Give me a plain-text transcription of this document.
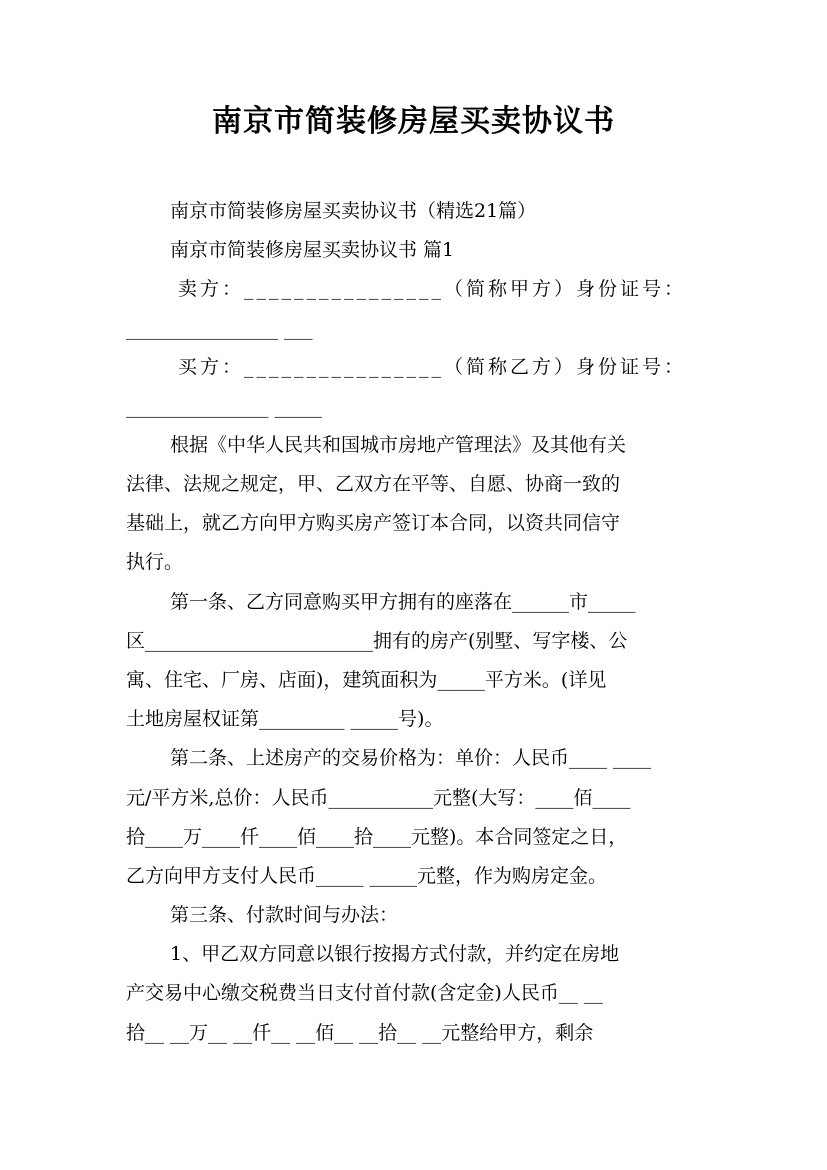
南京市简装修房屋买卖协议书

南京市简装修房屋买卖协议书（精选21篇）

南京市简装修房屋买卖协议书 篇1

卖方：________________（简称甲方）身份证号：

________________ ___

买方：________________（简称乙方）身份证号：

_______________ _____

根据《中华人民共和国城市房地产管理法》及其他有关

法律、法规之规定，甲、乙双方在平等、自愿、协商一致的

基础上，就乙方向甲方购买房产签订本合同，以资共同信守

执行。

第一条、乙方同意购买甲方拥有的座落在______市_____

区________________________拥有的房产(别墅、写字楼、公

寓、住宅、厂房、店面)，建筑面积为_____平方米。(详见

土地房屋权证第_________ _____号)。

第二条、上述房产的交易价格为：单价：人民币____ ____

元/平方米,总价：人民币___________元整(大写：____佰____

拾____万____仟____佰____拾____元整)。本合同签定之日，

乙方向甲方支付人民币_____ _____元整，作为购房定金。

第三条、付款时间与办法：

1、甲乙双方同意以银行按揭方式付款，并约定在房地

产交易中心缴交税费当日支付首付款(含定金)人民币__ __

拾__ __万__ __仟__ __佰__ __拾__ __元整给甲方，剩余
